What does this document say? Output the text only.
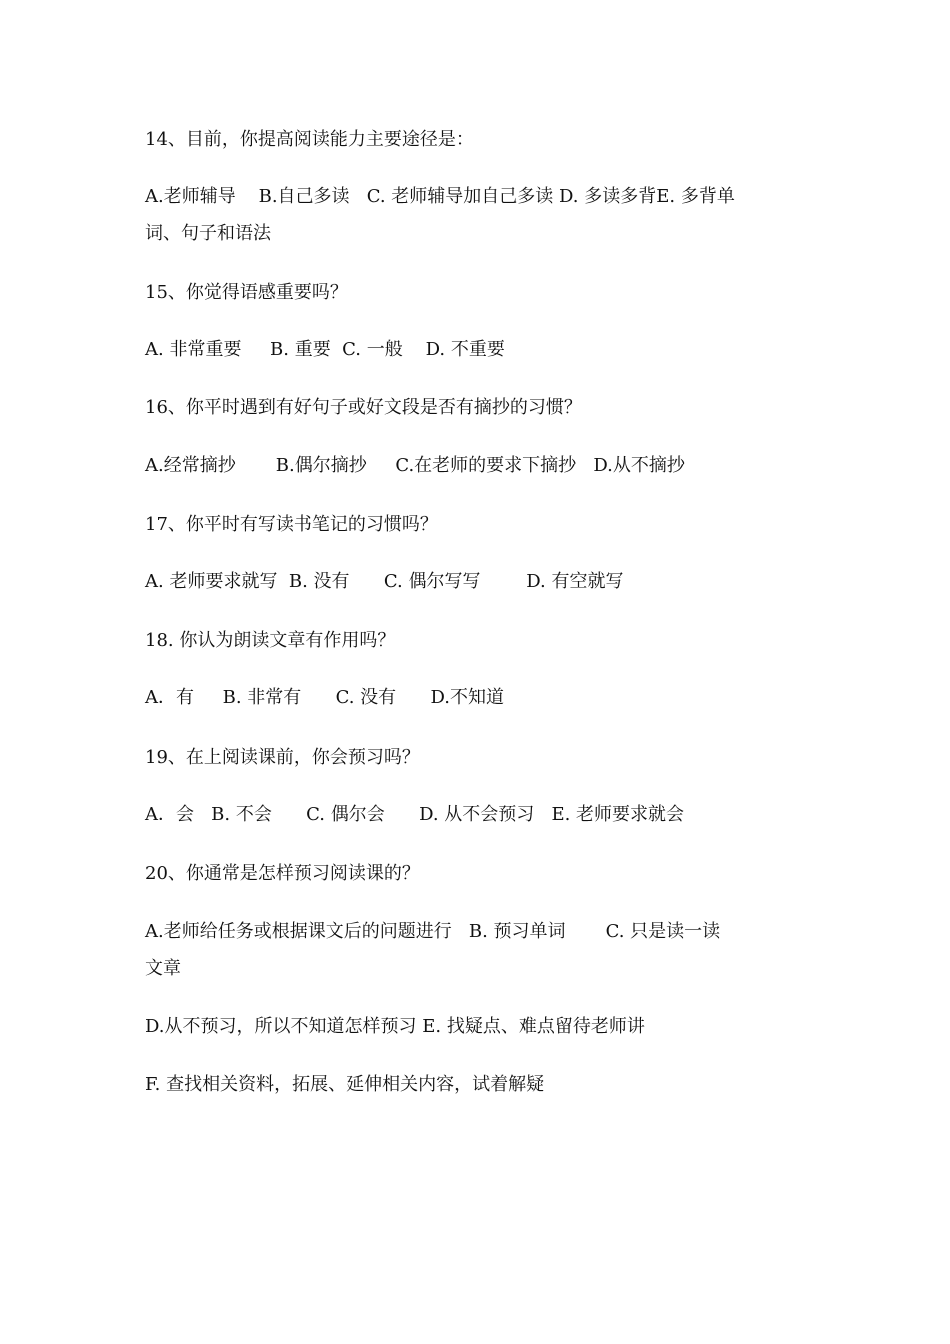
14、目前，你提高阅读能力主要途径是：
A.老师辅导    B.自己多读   C. 老师辅导加自己多读 D. 多读多背E. 多背单
词、句子和语法
15、你觉得语感重要吗？
A. 非常重要     B. 重要  C. 一般    D. 不重要
16、你平时遇到有好句子或好文段是否有摘抄的习惯？
A.经常摘抄       B.偶尔摘抄     C.在老师的要求下摘抄   D.从不摘抄
17、你平时有写读书笔记的习惯吗？
A. 老师要求就写  B. 没有      C. 偶尔写写        D. 有空就写
18. 你认为朗读文章有作用吗？
A．有     B. 非常有      C. 没有      D.不知道
19、在上阅读课前，你会预习吗？
A．会   B. 不会      C. 偶尔会      D. 从不会预习   E. 老师要求就会
20、你通常是怎样预习阅读课的？
A.老师给任务或根据课文后的问题进行   B. 预习单词       C. 只是读一读
文章
D.从不预习，所以不知道怎样预习 E. 找疑点、难点留待老师讲
F. 查找相关资料，拓展、延伸相关内容，试着解疑
